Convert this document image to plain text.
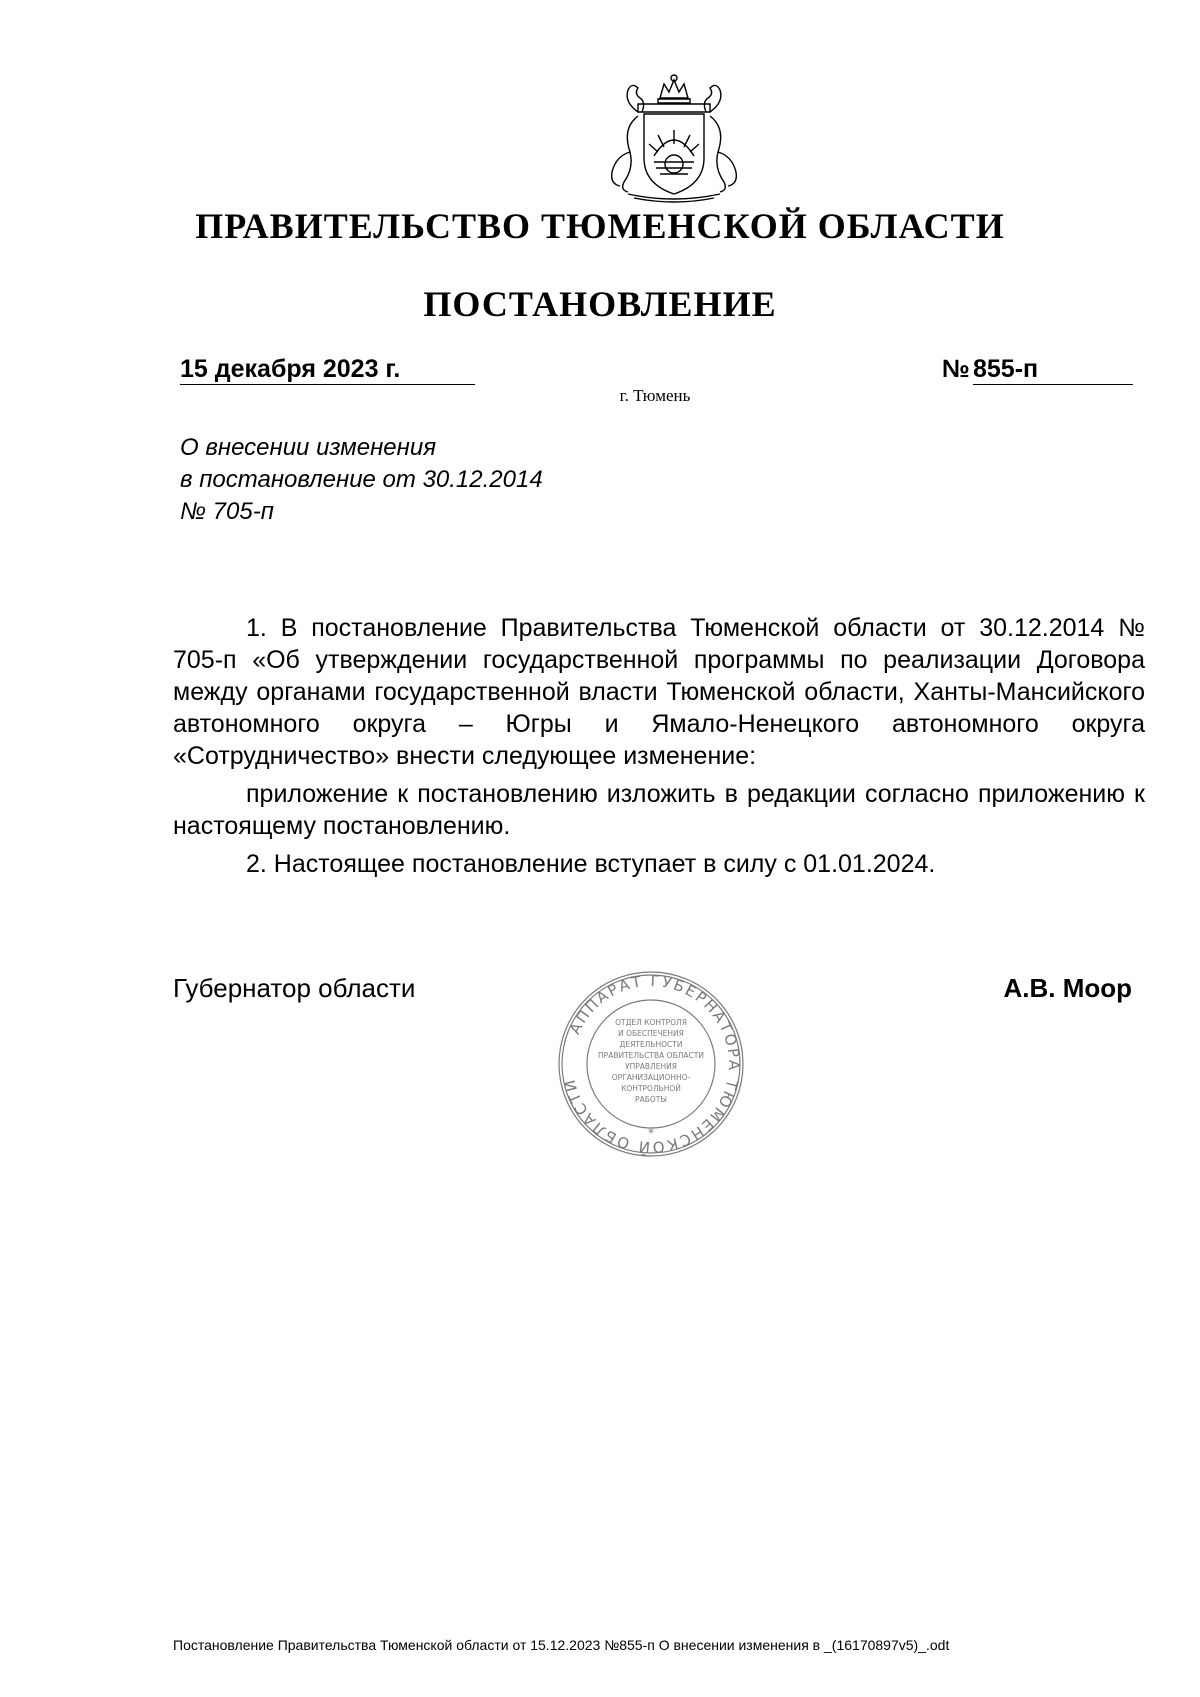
ПРАВИТЕЛЬСТВО ТЮМЕНСКОЙ ОБЛАСТИ
ПОСТАНОВЛЕНИЕ
15 декабря 2023 г.	№ 855-п
г. Тюмень
О внесении изменения
в постановление от 30.12.2014
№ 705-п

1. В постановление Правительства Тюменской области от 30.12.2014 № 705-п «Об утверждении государственной программы по реализации Договора между органами государственной власти Тюменской области, Ханты-Мансийского автономного округа – Югры и Ямало-Ненецкого автономного округа «Сотрудничество» внести следующее изменение:

приложение к постановлению изложить в редакции согласно приложению к настоящему постановлению.

2. Настоящее постановление вступает в силу с 01.01.2024.

Губернатор области	А.В. Моор
АППАРАТ ГУБЕРНАТОРА ТЮМЕНСКОЙ ОБЛАСТИ
*
ОТДЕЛ КОНТРОЛЯ
И ОБЕСПЕЧЕНИЯ
ДЕЯТЕЛЬНОСТИ
ПРАВИТЕЛЬСТВА ОБЛАСТИ
УПРАВЛЕНИЯ
ОРГАНИЗАЦИОННО-
КОНТРОЛЬНОЙ
РАБОТЫ
Постановление Правительства Тюменской области от 15.12.2023 №855-п О внесении изменения в _(16170897v5)_.odt
